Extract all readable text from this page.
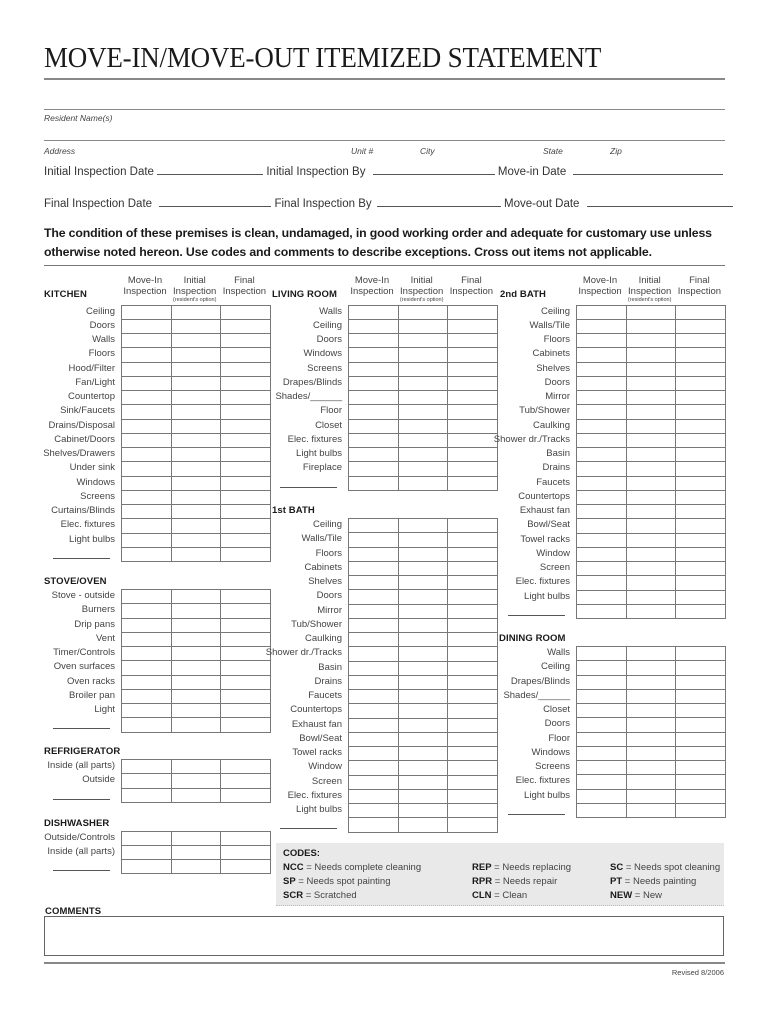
MOVE-IN/MOVE-OUT ITEMIZED STATEMENT
Resident Name(s)
Address	Unit #	City	State	Zip
Initial Inspection Date	Initial Inspection By	Move-in Date
Final Inspection Date	Final Inspection By	Move-out Date
The condition of these premises is clean, undamaged, in good working order and adequate for customary use unless otherwise noted hereon. Use codes and comments to describe exceptions. Cross out items not applicable.
Move-In
Inspection
Initial
Inspection
(resident's option)
Final
Inspection
Move-In
Inspection
Initial
Inspection
(resident's option)
Final
Inspection
Move-In
Inspection
Initial
Inspection
(resident's option)
Final
Inspection
KITCHEN

Ceiling
Doors
Walls
Floors
Hood/Filter
Fan/Light
Countertop
Sink/Faucets
Drains/Disposal
Cabinet/Doors
Shelves/Drawers
Under sink
Windows
Screens
Curtains/Blinds
Elec. fixtures
Light bulbs
STOVE/OVEN

Stove - outside
Burners
Drip pans
Vent
Timer/Controls
Oven surfaces
Oven racks
Broiler pan
Light
REFRIGERATOR

Inside (all parts)
Outside
DISHWASHER

Outside/Controls
Inside (all parts)
LIVING ROOM

Walls
Ceiling
Doors
Windows
Screens
Drapes/Blinds
Shades/______
Floor
Closet
Elec. fixtures
Light bulbs
Fireplace
1st BATH

Ceiling
Walls/Tile
Floors
Cabinets
Shelves
Doors
Mirror
Tub/Shower
Caulking
Shower dr./Tracks
Basin
Drains
Faucets
Countertops
Exhaust fan
Bowl/Seat
Towel racks
Window
Screen
Elec. fixtures
Light bulbs
2nd BATH

Ceiling
Walls/Tile
Floors
Cabinets
Shelves
Doors
Mirror
Tub/Shower
Caulking
Shower dr./Tracks
Basin
Drains
Faucets
Countertops
Exhaust fan
Bowl/Seat
Towel racks
Window
Screen
Elec. fixtures
Light bulbs
DINING ROOM

Walls
Ceiling
Drapes/Blinds
Shades/______
Closet
Doors
Floor
Windows
Screens
Elec. fixtures
Light bulbs
CODES:
NCC = Needs complete cleaning
SP = Needs spot painting
SCR = Scratched
REP = Needs replacing
RPR = Needs repair
CLN = Clean
SC = Needs spot cleaning
PT = Needs painting
NEW = New
COMMENTS
Revised 8/2006
